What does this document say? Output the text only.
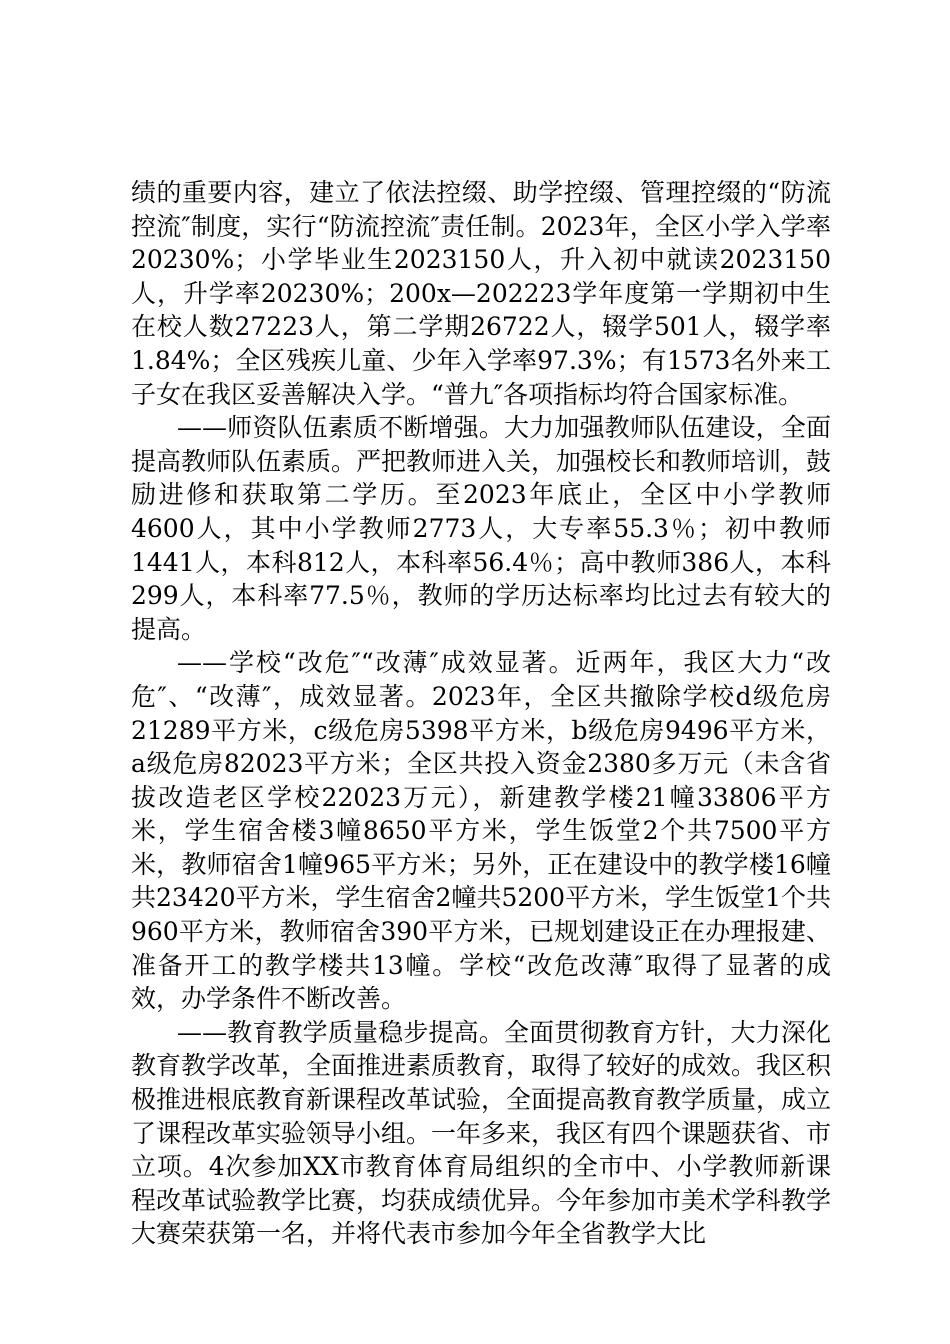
绩的重要内容，建立了依法控缀、助学控缀、管理控缀的“防流控流″制度，实行“防流控流″责任制。2023年，全区小学入学率20230%；小学毕业生2023150人，升入初中就读2023150人，升学率20230%；200x—202223学年度第一学期初中生在校人数27223人，第二学期26722人，辍学501人，辍学率1.84%；全区残疾儿童、少年入学率97.3%；有1573名外来工子女在我区妥善解决入学。“普九″各项指标均符合国家标准。

——师资队伍素质不断增强。大力加强教师队伍建设，全面提高教师队伍素质。严把教师进入关，加强校长和教师培训，鼓励进修和获取第二学历。至2023年底止，全区中小学教师4600人，其中小学教师2773人，大专率55.3％；初中教师1441人，本科812人，本科率56.4％；高中教师386人，本科299人，本科率77.5％，教师的学历达标率均比过去有较大的提高。

——学校“改危″“改薄″成效显著。近两年，我区大力“改危″、“改薄″，成效显著。2023年，全区共撤除学校d级危房21289平方米，c级危房5398平方米，b级危房9496平方米，a级危房82023平方米；全区共投入资金2380多万元（未含省拔改造老区学校22023万元），新建教学楼21幢33806平方米，学生宿舍楼3幢8650平方米，学生饭堂2个共7500平方米，教师宿舍1幢965平方米；另外，正在建设中的教学楼16幢共23420平方米，学生宿舍2幢共5200平方米，学生饭堂1个共960平方米，教师宿舍390平方米，已规划建设正在办理报建、准备开工的教学楼共13幢。学校“改危改薄″取得了显著的成效，办学条件不断改善。

——教育教学质量稳步提高。全面贯彻教育方针，大力深化教育教学改革，全面推进素质教育，取得了较好的成效。我区积极推进根底教育新课程改革试验，全面提高教育教学质量，成立了课程改革实验领导小组。一年多来，我区有四个课题获省、市立项。4次参加XX市教育体育局组织的全市中、小学教师新课程改革试验教学比赛，均获成绩优异。今年参加市美术学科教学大赛荣获第一名，并将代表市参加今年全省教学大比
